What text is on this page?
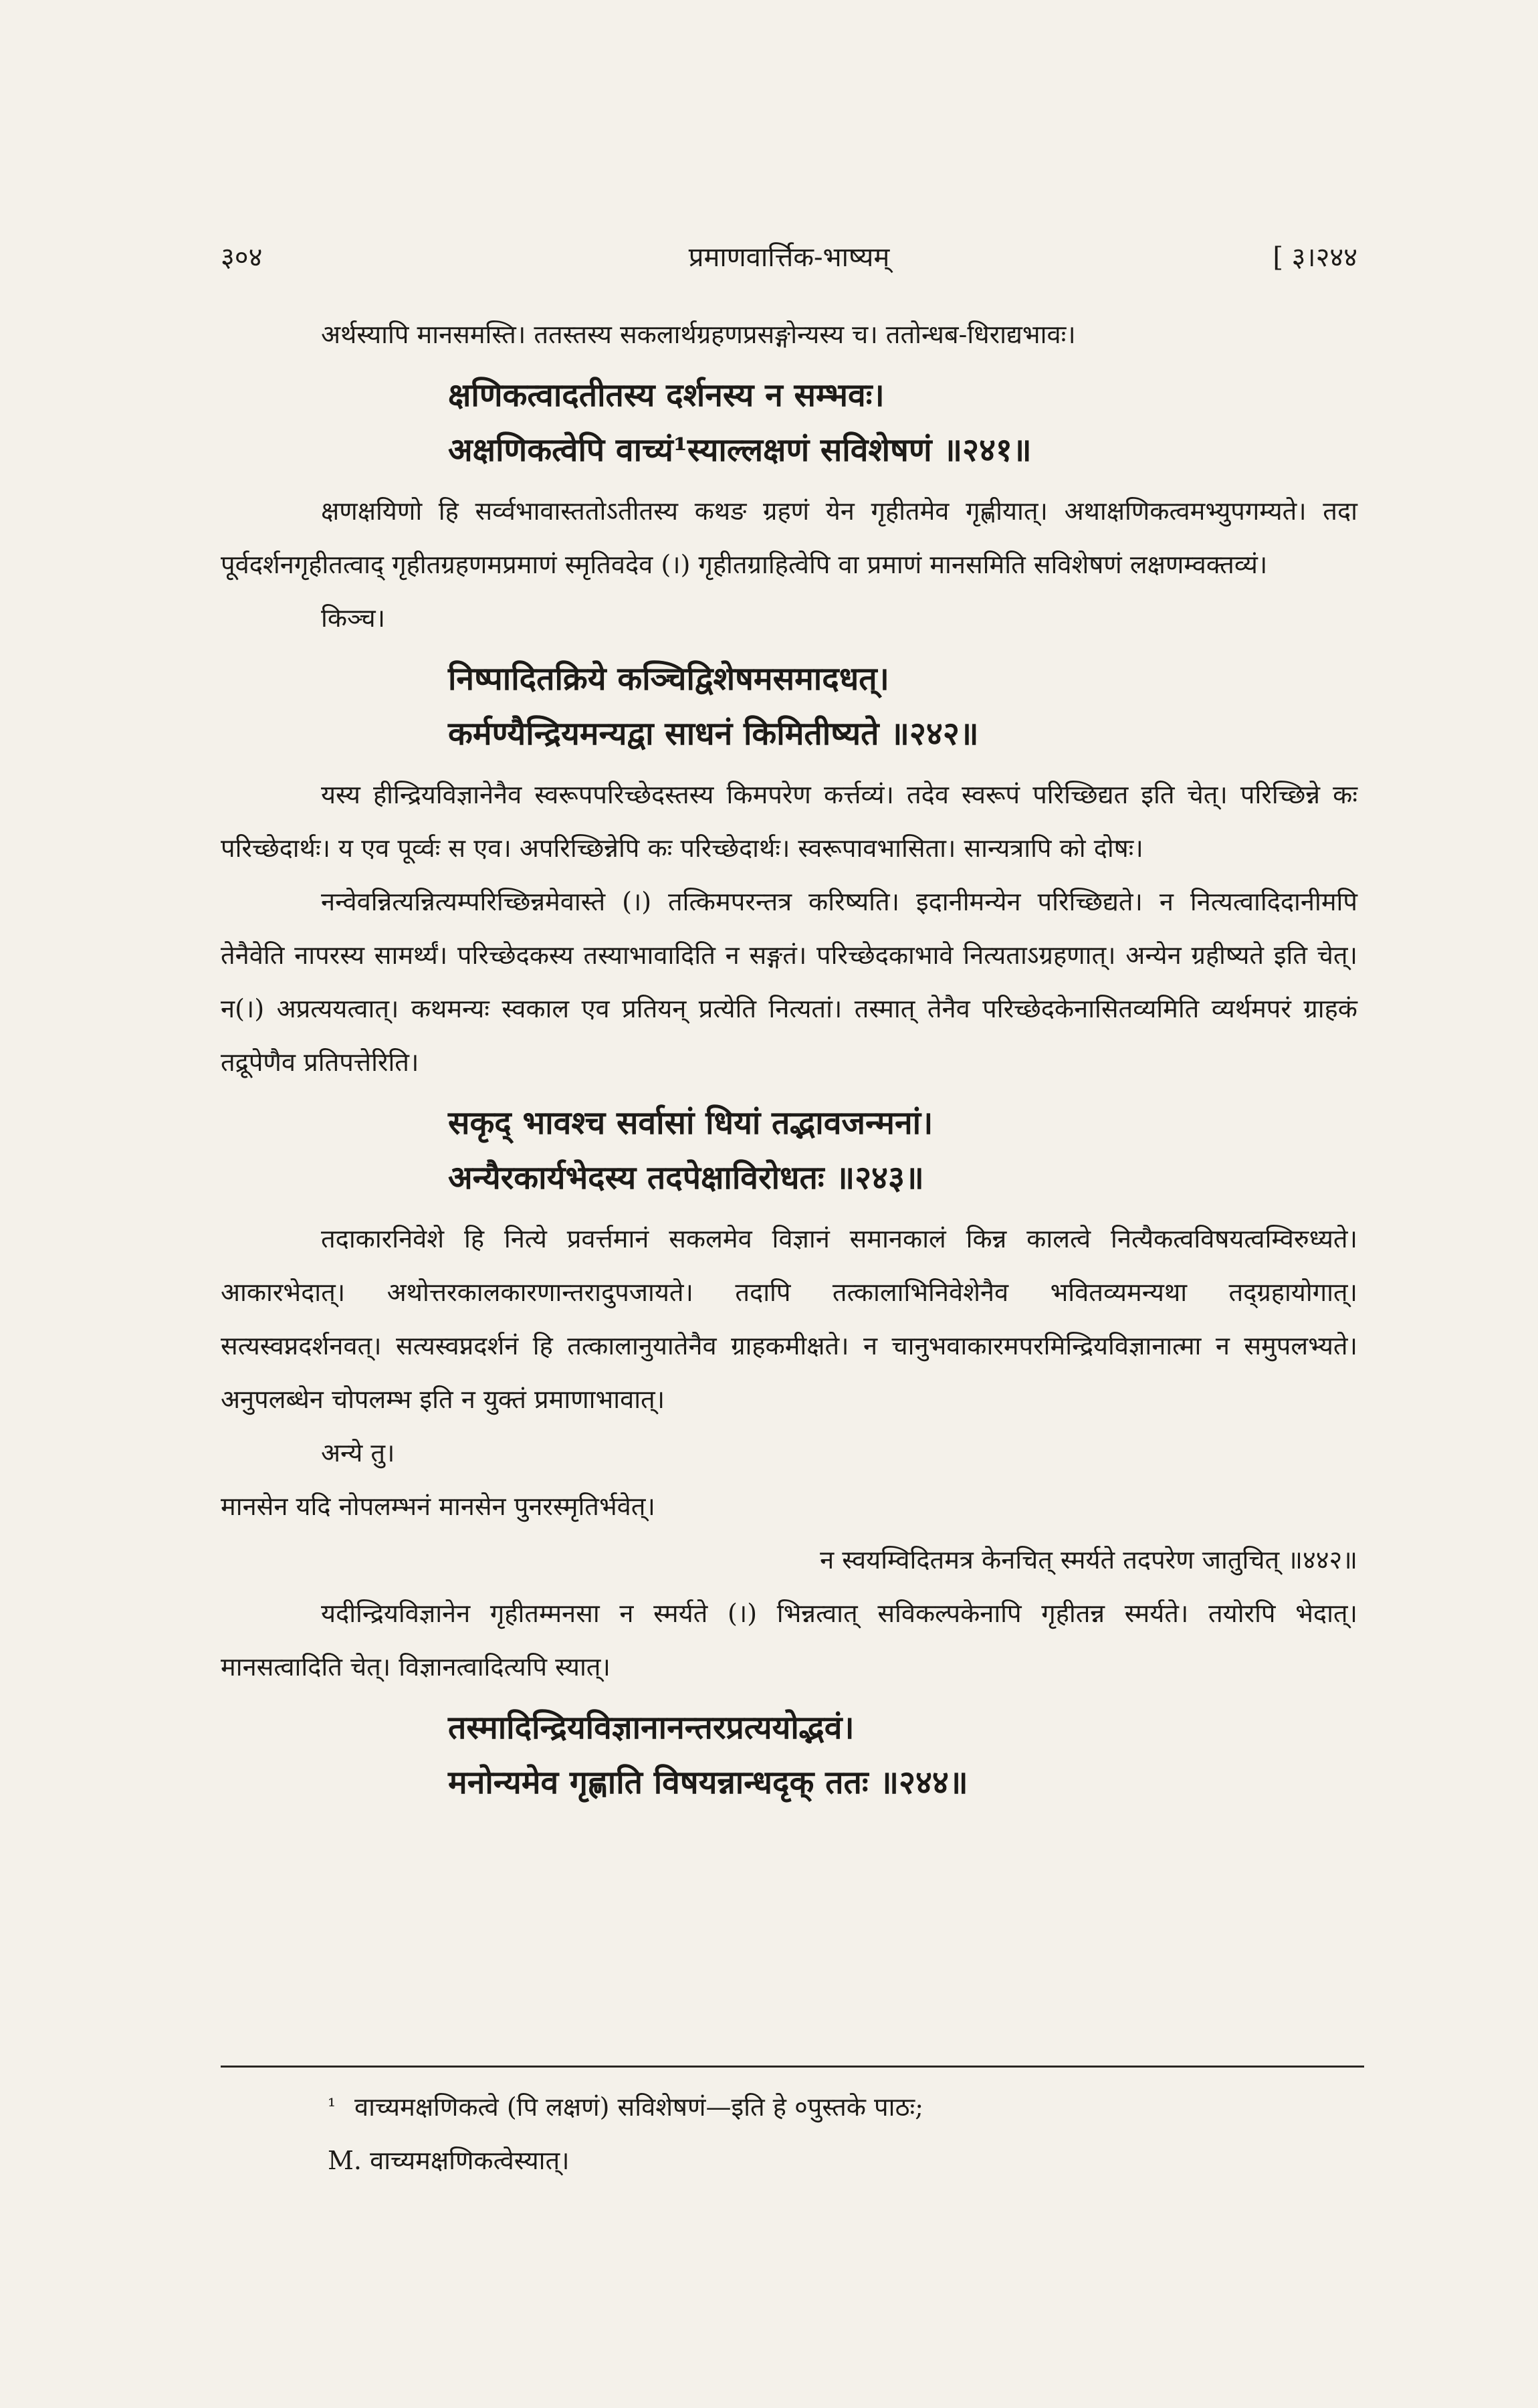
३०४	प्रमाणवार्त्तिक-भाष्यम्	[ ३।२४४

अर्थस्यापि मानसमस्ति। ततस्तस्य सकलार्थग्रहणप्रसङ्गोन्यस्य च। ततोन्धब-धिराद्यभावः।

क्षणिकत्वादतीतस्य दर्शनस्य न सम्भवः।
अक्षणिकत्वेपि वाच्यं¹स्याल्लक्षणं सविशेषणं ॥२४१॥

क्षणक्षयिणो हि सर्व्वभावास्ततोऽतीतस्य कथङ ग्रहणं येन गृहीतमेव गृह्णीयात्। अथाक्षणिकत्वमभ्युपगम्यते। तदा पूर्वदर्शनगृहीतत्वाद् गृहीतग्रहणमप्रमाणं स्मृतिवदेव (।) गृहीतग्राहित्वेपि वा प्रमाणं मानसमिति सविशेषणं लक्षणम्वक्तव्यं।

किञ्च।

निष्पादितक्रिये कञ्चिद्विशेषमसमादधत्।
कर्मण्यैन्द्रियमन्यद्वा साधनं किमितीष्यते ॥२४२॥

यस्य हीन्द्रियविज्ञानेनैव स्वरूपपरिच्छेदस्तस्य किमपरेण कर्त्तव्यं। तदेव स्वरूपं परिच्छिद्यत इति चेत्। परिच्छिन्ने कः परिच्छेदार्थः। य एव पूर्व्वः स एव। अपरिच्छिन्नेपि कः परिच्छेदार्थः। स्वरूपावभासिता। सान्यत्रापि को दोषः।

नन्वेवन्नित्यन्नित्यम्परिच्छिन्नमेवास्ते (।) तत्किमपरन्तत्र करिष्यति। इदानीमन्येन परिच्छिद्यते। न नित्यत्वादिदानीमपि तेनैवेति नापरस्य सामर्थ्यं। परिच्छेदकस्य तस्याभावादिति न सङ्गतं। परिच्छेदकाभावे नित्यताऽग्रहणात्। अन्येन ग्रहीष्यते इति चेत्। न(।) अप्रत्ययत्वात्। कथमन्यः स्वकाल एव प्रतियन् प्रत्येति नित्यतां। तस्मात् तेनैव परिच्छेदकेनासितव्यमिति व्यर्थमपरं ग्राहकं तद्रूपेणैव प्रतिपत्तेरिति।

सकृद् भावश्च सर्वासां धियां तद्भावजन्मनां।
अन्यैरकार्यभेदस्य तदपेक्षाविरोधतः ॥२४३॥

तदाकारनिवेशे हि नित्ये प्रवर्त्तमानं सकलमेव विज्ञानं समानकालं किन्न कालत्वे नित्यैकत्वविषयत्वम्विरुध्यते। आकारभेदात्। अथोत्तरकालकारणान्तरादुपजायते। तदापि तत्कालाभिनिवेशेनैव भवितव्यमन्यथा तद्ग्रहायोगात्। सत्यस्वप्नदर्शनवत्। सत्यस्वप्नदर्शनं हि तत्कालानुयातेनैव ग्राहकमीक्षते। न चानुभवाकारमपरमिन्द्रियविज्ञानात्मा न समुपलभ्यते। अनुपलब्धेन चोपलम्भ इति न युक्तं प्रमाणाभावात्।

अन्ये तु।

मानसेन यदि नोपलम्भनं मानसेन पुनरस्मृतिर्भवेत्।

न स्वयम्विदितमत्र केनचित् स्मर्यते तदपरेण जातुचित् ॥४४२॥

यदीन्द्रियविज्ञानेन गृहीतम्मनसा न स्मर्यते (।) भिन्नत्वात् सविकल्पकेनापि गृहीतन्न स्मर्यते। तयोरपि भेदात्। मानसत्वादिति चेत्। विज्ञानत्वादित्यपि स्यात्।

तस्मादिन्द्रियविज्ञानानन्तरप्रत्ययोद्भवं।
मनोन्यमेव गृह्णाति विषयन्नान्धदृक् ततः ॥२४४॥
$^{^1}$ वाच्यमक्षणिकत्वे (पि लक्षणं) सविशेषणं—इति हे ०पुस्तके पाठः;
M. वाच्यमक्षणिकत्वेस्यात्।
